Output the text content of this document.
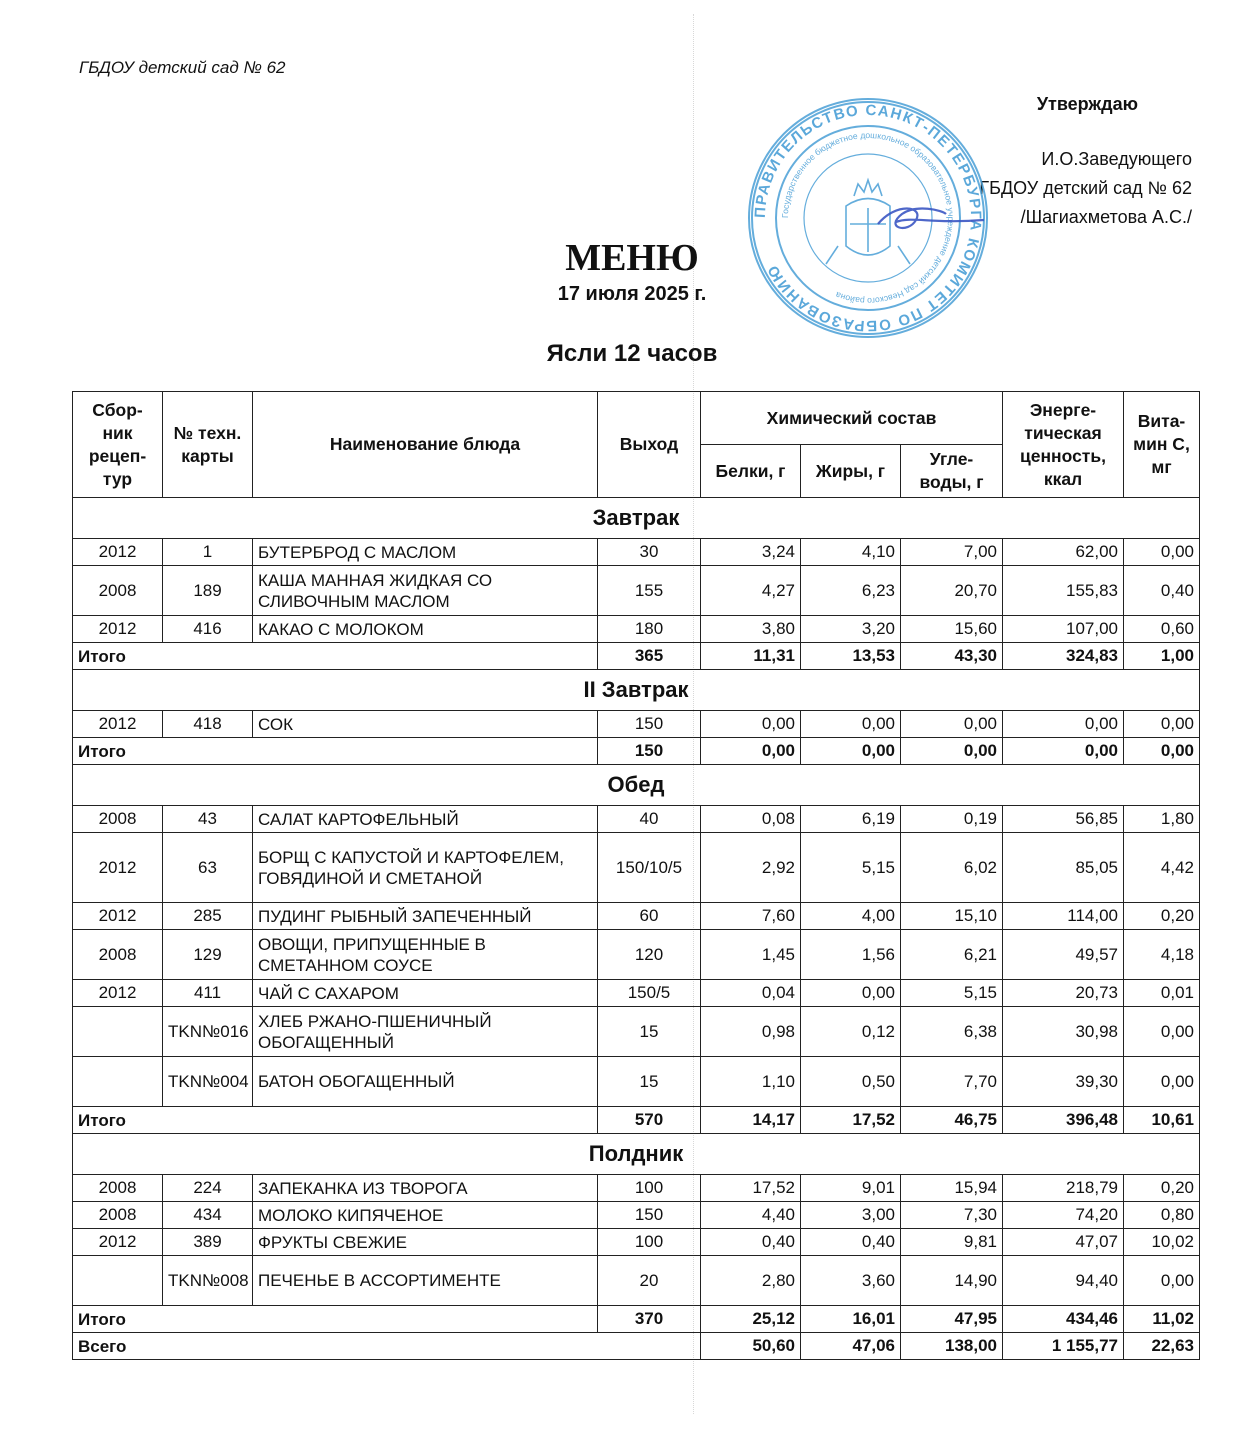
ГБДОУ детский сад № 62
Утверждаю
И.О.Заведующего
ГБДОУ детский сад № 62
/Шагиахметова А.С./
ПРАВИТЕЛЬСТВО САНКТ-ПЕТЕРБУРГА КОМИТЕТ ПО ОБРАЗОВАНИЮ
Государственное бюджетное дошкольное образовательное учреждение детский сад Невского района
МЕНЮ
17 июля 2025 г.
Ясли 12 часов
Сбор-ник рецеп-тур	№ техн. карты	Наименование блюда	Выход	Химический состав			Энерге-тическая ценность, ккал	Вита-мин С, мг
				Белки, г	Жиры, г	Угле-воды, г		
Завтрак								
2012	1	БУТЕРБРОД С МАСЛОМ	30	3,24	4,10	7,00	62,00	0,00
2008	189	КАША МАННАЯ ЖИДКАЯ СО СЛИВОЧНЫМ МАСЛОМ	155	4,27	6,23	20,70	155,83	0,40
2012	416	КАКАО С МОЛОКОМ	180	3,80	3,20	15,60	107,00	0,60
Итого			365	11,31	13,53	43,30	324,83	1,00
II Завтрак								
2012	418	СОК	150	0,00	0,00	0,00	0,00	0,00
Итого			150	0,00	0,00	0,00	0,00	0,00
Обед								
2008	43	САЛАТ КАРТОФЕЛЬНЫЙ	40	0,08	6,19	0,19	56,85	1,80
2012	63	БОРЩ С КАПУСТОЙ И КАРТОФЕЛЕМ, ГОВЯДИНОЙ И СМЕТАНОЙ	150/10/5	2,92	5,15	6,02	85,05	4,42
2012	285	ПУДИНГ РЫБНЫЙ ЗАПЕЧЕННЫЙ	60	7,60	4,00	15,10	114,00	0,20
2008	129	ОВОЩИ, ПРИПУЩЕННЫЕ В СМЕТАННОМ СОУСЕ	120	1,45	1,56	6,21	49,57	4,18
2012	411	ЧАЙ С САХАРОМ	150/5	0,04	0,00	5,15	20,73	0,01
	TKN№016	ХЛЕБ РЖАНО-ПШЕНИЧНЫЙ ОБОГАЩЕННЫЙ	15	0,98	0,12	6,38	30,98	0,00
	TKN№004	БАТОН ОБОГАЩЕННЫЙ	15	1,10	0,50	7,70	39,30	0,00
Итого			570	14,17	17,52	46,75	396,48	10,61
Полдник								
2008	224	ЗАПЕКАНКА ИЗ ТВОРОГА	100	17,52	9,01	15,94	218,79	0,20
2008	434	МОЛОКО КИПЯЧЕНОЕ	150	4,40	3,00	7,30	74,20	0,80
2012	389	ФРУКТЫ СВЕЖИЕ	100	0,40	0,40	9,81	47,07	10,02
	TKN№008	ПЕЧЕНЬЕ В АССОРТИМЕНТЕ	20	2,80	3,60	14,90	94,40	0,00
Итого			370	25,12	16,01	47,95	434,46	11,02
Всего				50,60	47,06	138,00	1 155,77	22,63
